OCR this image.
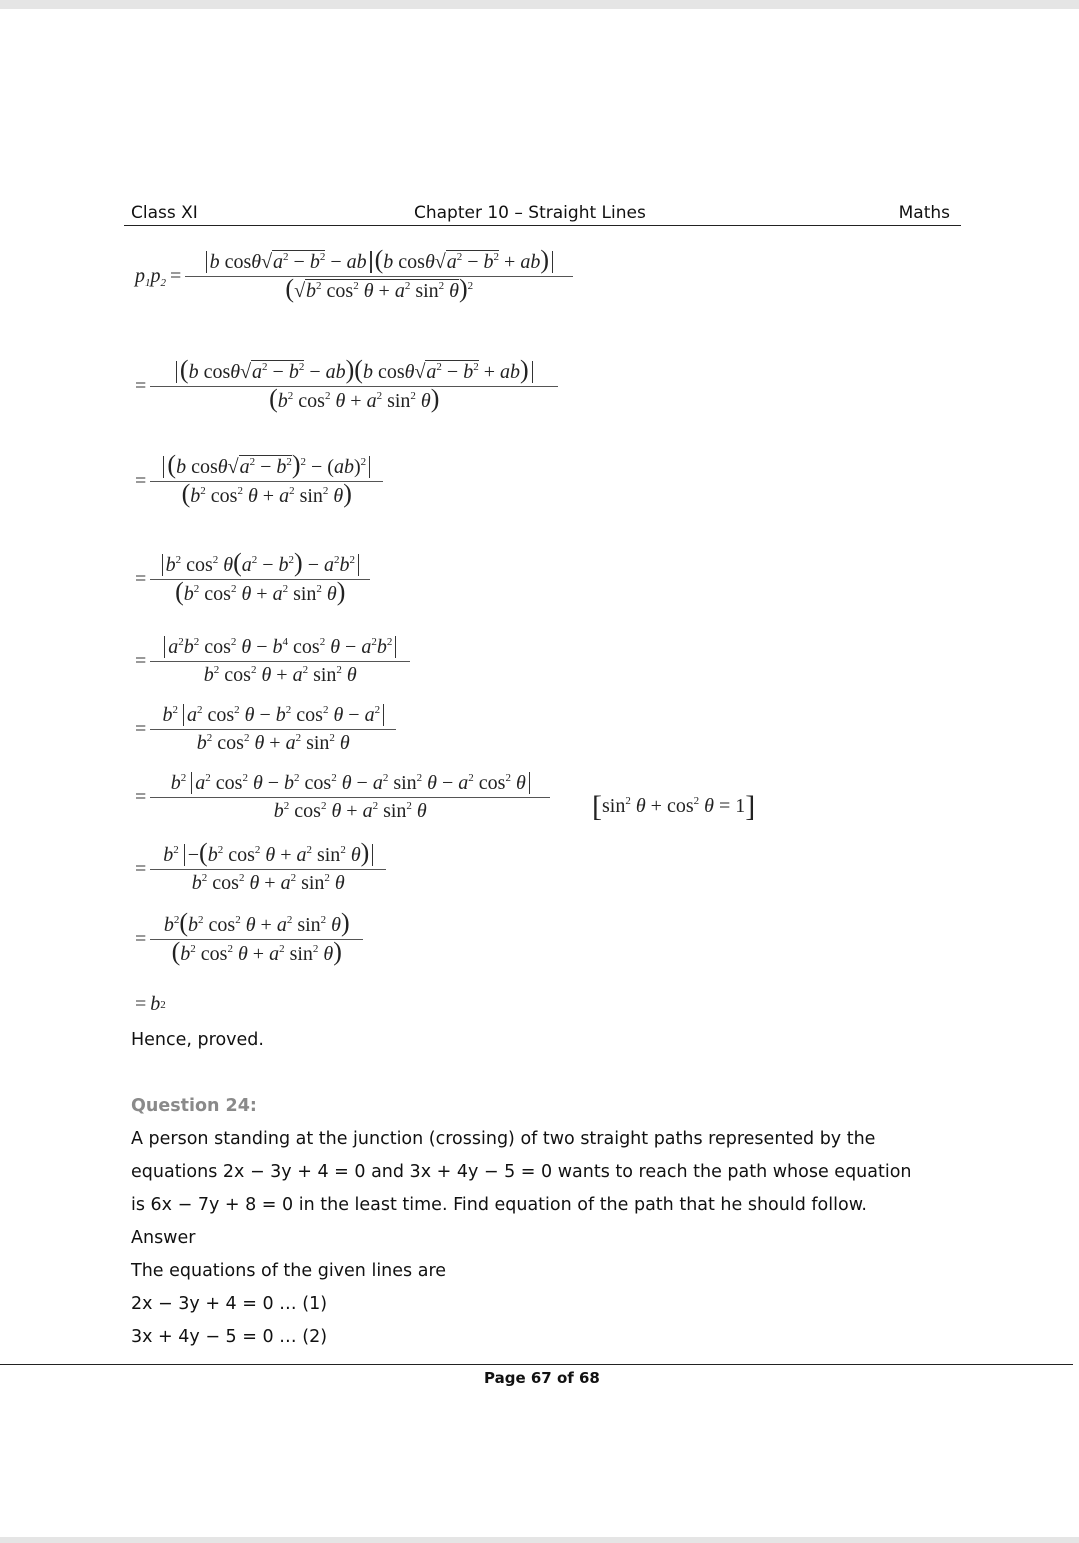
Class XI	Chapter 10 – Straight Lines	Maths
$p_1p_2 = \frac{b \cos\theta√a^2 - b^2 - ab (b \cos\theta√a^2 - b^2 + ab)}{(√b^2 \cos^2 \theta + a^2 \sin^2 \theta)^2}$
= $\frac{(b \cos\theta√a^2 - b^2 - ab)(b \cos\theta√a^2 - b^2 + ab)}{(b^2 \cos^2 \theta + a^2 \sin^2 \theta)}$
= $\frac{(b \cos\theta√a^2 - b^2)^2 - (ab)^2}{(b^2 \cos^2 \theta + a^2 \sin^2 \theta)}$
= $\frac{b^2 \cos^2 \theta(a^2 - b^2) - a^2b^2}{(b^2 \cos^2 \theta + a^2 \sin^2 \theta)}$
= $\frac{a^2b^2 \cos^2 \theta - b^4 \cos^2 \theta - a^2b^2}{b^2 \cos^2 \theta + a^2 \sin^2 \theta}$
= $\frac{b^2 a^2 \cos^2 \theta - b^2 \cos^2 \theta - a^2}{b^2 \cos^2 \theta + a^2 \sin^2 \theta}$
= $\frac{b^2 a^2 \cos^2 \theta - b^2 \cos^2 \theta - a^2 \sin^2 \theta - a^2 \cos^2 \theta}{b^2 \cos^2 \theta + a^2 \sin^2 \theta} [\sin^2$ $\theta + \cos^2 \theta = 1$]
= $\frac{b^2 -(b^2 \cos^2 \theta + a^2 \sin^2 \theta)}{b^2 \cos^2 \theta + a^2 \sin^2 \theta}$
= $\frac{b^2(b^2 \cos^2 \theta + a^2 \sin^2 \theta)}{(b^2 \cos^2 \theta + a^2 \sin^2 \theta)}$
= b 2
Hence, proved.
Question 24:
A person standing at the junction (crossing) of two straight paths represented by the
equations 2x − 3y + 4 = 0 and 3x + 4y − 5 = 0 wants to reach the path whose equation
is 6x − 7y + 8 = 0 in the least time. Find equation of the path that he should follow.
Answer
The equations of the given lines are
2x − 3y + 4 = 0 … (1)
3x + 4y − 5 = 0 … (2)
Page 67 of 68
